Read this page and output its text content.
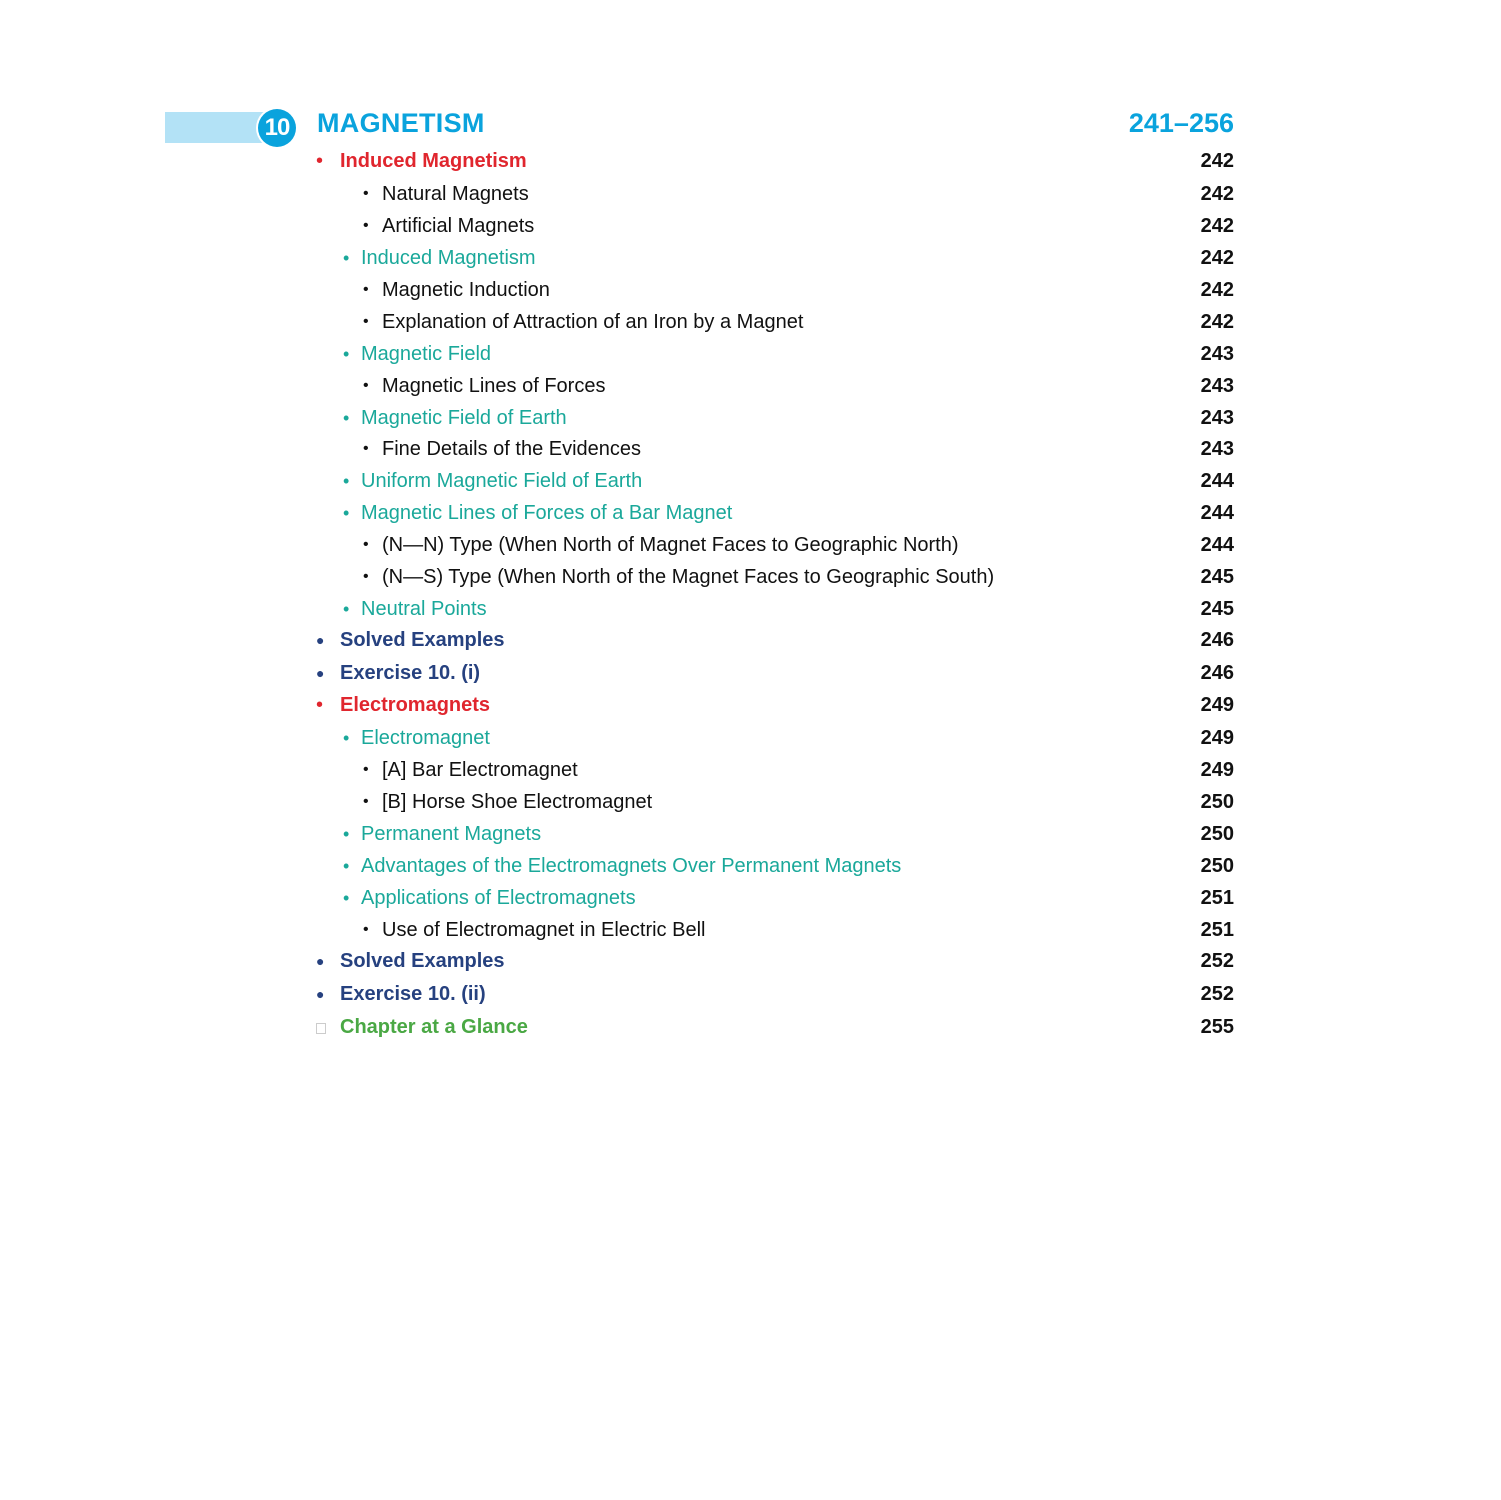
10 MAGNETISM	241–256
• Induced Magnetism	242
• Natural Magnets	242
• Artificial Magnets	242
• Induced Magnetism	242
• Magnetic Induction	242
• Explanation of Attraction of an Iron by a Magnet	242
• Magnetic Field	243
• Magnetic Lines of Forces	243
• Magnetic Field of Earth	243
• Fine Details of the Evidences	243
• Uniform Magnetic Field of Earth	244
• Magnetic Lines of Forces of a Bar Magnet	244
• (N—N) Type (When North of Magnet Faces to Geographic North)	244
• (N—S) Type (When North of the Magnet Faces to Geographic South)	245
• Neutral Points	245
● Solved Examples	246
● Exercise 10. (i)	246
• Electromagnets	249
• Electromagnet	249
• [A] Bar Electromagnet	249
• [B] Horse Shoe Electromagnet	250
• Permanent Magnets	250
• Advantages of the Electromagnets Over Permanent Magnets	250
• Applications of Electromagnets	251
• Use of Electromagnet in Electric Bell	251
● Solved Examples	252
● Exercise 10. (ii)	252
Chapter at a Glance	255
